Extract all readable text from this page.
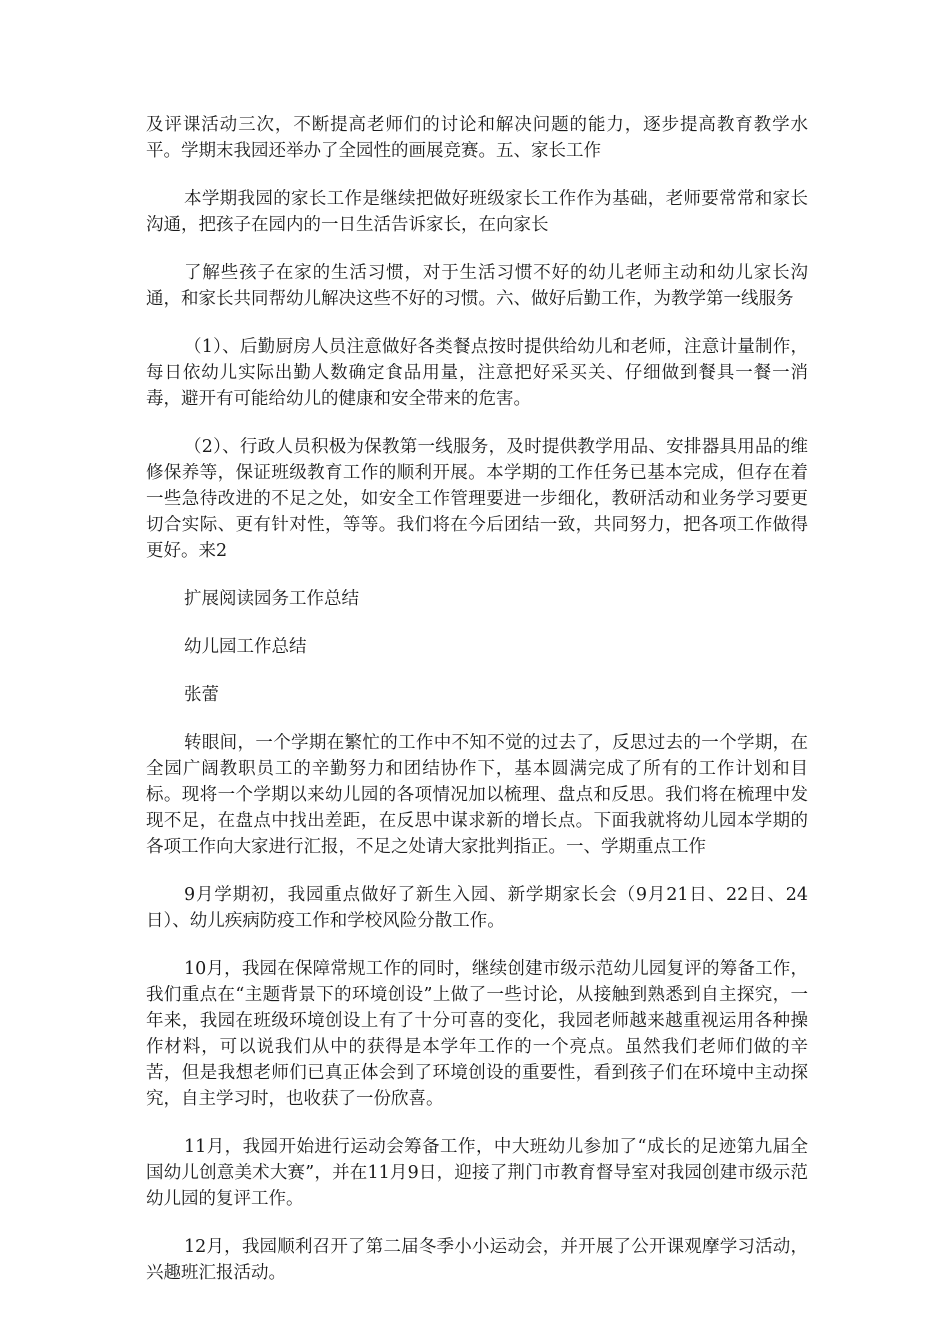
及评课活动三次，不断提高老师们的讨论和解决问题的能力，逐步提高教育教学水平。学期末我园还举办了全园性的画展竞赛。五、家长工作

本学期我园的家长工作是继续把做好班级家长工作作为基础，老师要常常和家长沟通，把孩子在园内的一日生活告诉家长，在向家长

了解些孩子在家的生活习惯，对于生活习惯不好的幼儿老师主动和幼儿家长沟通，和家长共同帮幼儿解决这些不好的习惯。六、做好后勤工作，为教学第一线服务

（1）、后勤厨房人员注意做好各类餐点按时提供给幼儿和老师，注意计量制作，每日依幼儿实际出勤人数确定食品用量，注意把好采买关、仔细做到餐具一餐一消毒，避开有可能给幼儿的健康和安全带来的危害。

（2）、行政人员积极为保教第一线服务，及时提供教学用品、安排器具用品的维修保养等，保证班级教育工作的顺利开展。本学期的工作任务已基本完成，但存在着一些急待改进的不足之处，如安全工作管理要进一步细化，教研活动和业务学习要更切合实际、更有针对性，等等。我们将在今后团结一致，共同努力，把各项工作做得更好。来2

扩展阅读园务工作总结

幼儿园工作总结

张蕾

转眼间，一个学期在繁忙的工作中不知不觉的过去了，反思过去的一个学期，在全园广阔教职员工的辛勤努力和团结协作下，基本圆满完成了所有的工作计划和目标。现将一个学期以来幼儿园的各项情况加以梳理、盘点和反思。我们将在梳理中发现不足，在盘点中找出差距，在反思中谋求新的增长点。下面我就将幼儿园本学期的各项工作向大家进行汇报，不足之处请大家批判指正。一、学期重点工作

9月学期初，我园重点做好了新生入园、新学期家长会（9月21日、22日、24日）、幼儿疾病防疫工作和学校风险分散工作。

10月，我园在保障常规工作的同时，继续创建市级示范幼儿园复评的筹备工作，我们重点在“主题背景下的环境创设”上做了一些讨论，从接触到熟悉到自主探究，一年来，我园在班级环境创设上有了十分可喜的变化，我园老师越来越重视运用各种操作材料，可以说我们从中的获得是本学年工作的一个亮点。虽然我们老师们做的辛苦，但是我想老师们已真正体会到了环境创设的重要性，看到孩子们在环境中主动探究，自主学习时，也收获了一份欣喜。

11月，我园开始进行运动会筹备工作，中大班幼儿参加了“成长的足迹第九届全国幼儿创意美术大赛”，并在11月9日，迎接了荆门市教育督导室对我园创建市级示范幼儿园的复评工作。

12月，我园顺利召开了第二届冬季小小运动会，并开展了公开课观摩学习活动，兴趣班汇报活动。
